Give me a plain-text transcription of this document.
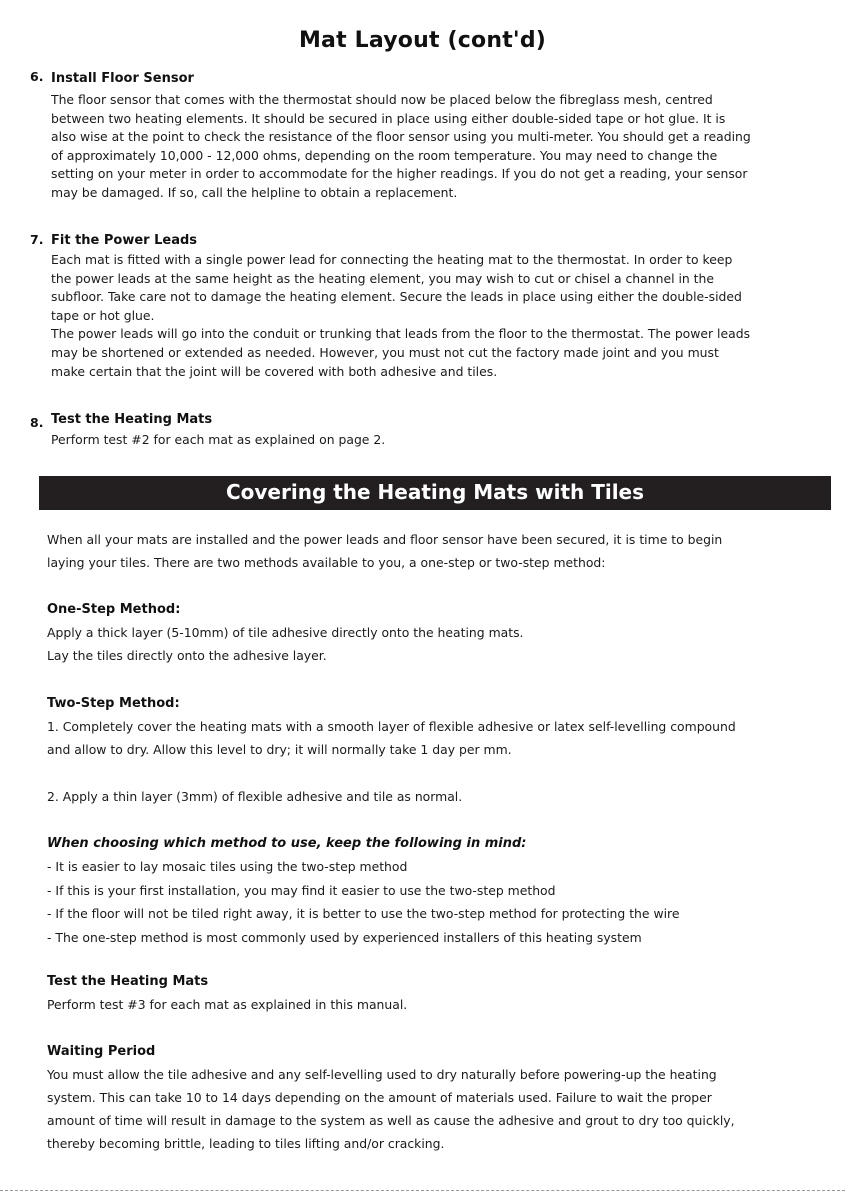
Mat Layout (cont'd)
6. Install Floor Sensor

The floor sensor that comes with the thermostat should now be placed below the fibreglass mesh, centred

between two heating elements. It should be secured in place using either double-sided tape or hot glue. It is

also wise at the point to check the resistance of the floor sensor using you multi-meter. You should get a reading

of approximately 10,000 - 12,000 ohms, depending on the room temperature. You may need to change the

setting on your meter in order to accommodate for the higher readings. If you do not get a reading, your sensor

may be damaged. If so, call the helpline to obtain a replacement.

7. Fit the Power Leads

Each mat is fitted with a single power lead for connecting the heating mat to the thermostat. In order to keep

the power leads at the same height as the heating element, you may wish to cut or chisel a channel in the

subfloor. Take care not to damage the heating element. Secure the leads in place using either the double-sided

tape or hot glue.

The power leads will go into the conduit or trunking that leads from the floor to the thermostat. The power leads

may be shortened or extended as needed. However, you must not cut the factory made joint and you must

make certain that the joint will be covered with both adhesive and tiles.

8. Test the Heating Mats

Perform test #2 for each mat as explained on page 2.

Covering the Heating Mats with Tiles

When all your mats are installed and the power leads and floor sensor have been secured, it is time to begin

laying your tiles. There are two methods available to you, a one-step or two-step method:

One-Step Method:

Apply a thick layer (5-10mm) of tile adhesive directly onto the heating mats.

Lay the tiles directly onto the adhesive layer.

Two-Step Method:

1. Completely cover the heating mats with a smooth layer of flexible adhesive or latex self-levelling compound

and allow to dry. Allow this level to dry; it will normally take 1 day per mm.

2. Apply a thin layer (3mm) of flexible adhesive and tile as normal.

When choosing which method to use, keep the following in mind:

- It is easier to lay mosaic tiles using the two-step method

- If this is your first installation, you may find it easier to use the two-step method

- If the floor will not be tiled right away, it is better to use the two-step method for protecting the wire

- The one-step method is most commonly used by experienced installers of this heating system

Test the Heating Mats

Perform test #3 for each mat as explained in this manual.

Waiting Period

You must allow the tile adhesive and any self-levelling used to dry naturally before powering-up the heating

system. This can take 10 to 14 days depending on the amount of materials used. Failure to wait the proper

amount of time will result in damage to the system as well as cause the adhesive and grout to dry too quickly,

thereby becoming brittle, leading to tiles lifting and/or cracking.
